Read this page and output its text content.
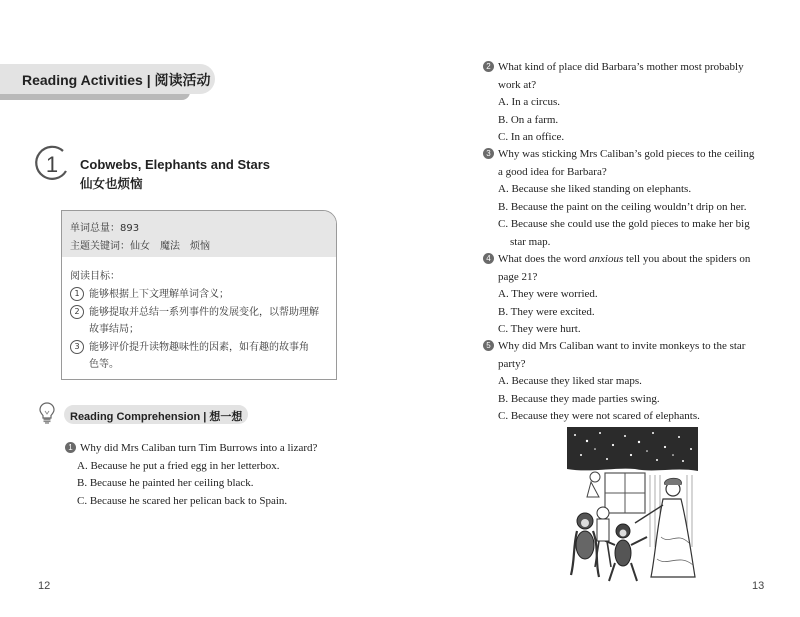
Reading Activities | 阅读活动
1 Cobwebs, Elephants and Stars
仙女也烦恼
单词总量：893
主题关键词：仙女 魔法 烦恼
阅读目标：
1 能够根据上下文理解单词含义；
2 能够提取并总结一系列事件的发展变化，以帮助理解
故事结局；
3 能够评价提升读物趣味性的因素，如有趣的故事角
色等。
Reading Comprehension | 想一想
1 Why did Mrs Caliban turn Tim Burrows into a lizard?
A. Because he put a fried egg in her letterbox.
B. Because he painted her ceiling black.
C. Because he scared her pelican back to Spain.
12
2 What kind of place did Barbara’s mother most probably
work at?
A. In a circus.
B. On a farm.
C. In an office.
3 Why was sticking Mrs Caliban’s gold pieces to the ceiling
a good idea for Barbara?
A. Because she liked standing on elephants.
B. Because the paint on the ceiling wouldn’t drip on her.
C. Because she could use the gold pieces to make her big
star map.
4 What does the word anxious tell you about the spiders on
page 21?
A. They were worried.
B. They were excited.
C. They were hurt.
5 Why did Mrs Caliban want to invite monkeys to the star
party?
A. Because they liked star maps.
B. Because they made parties swing.
C. Because they were not scared of elephants.
13
